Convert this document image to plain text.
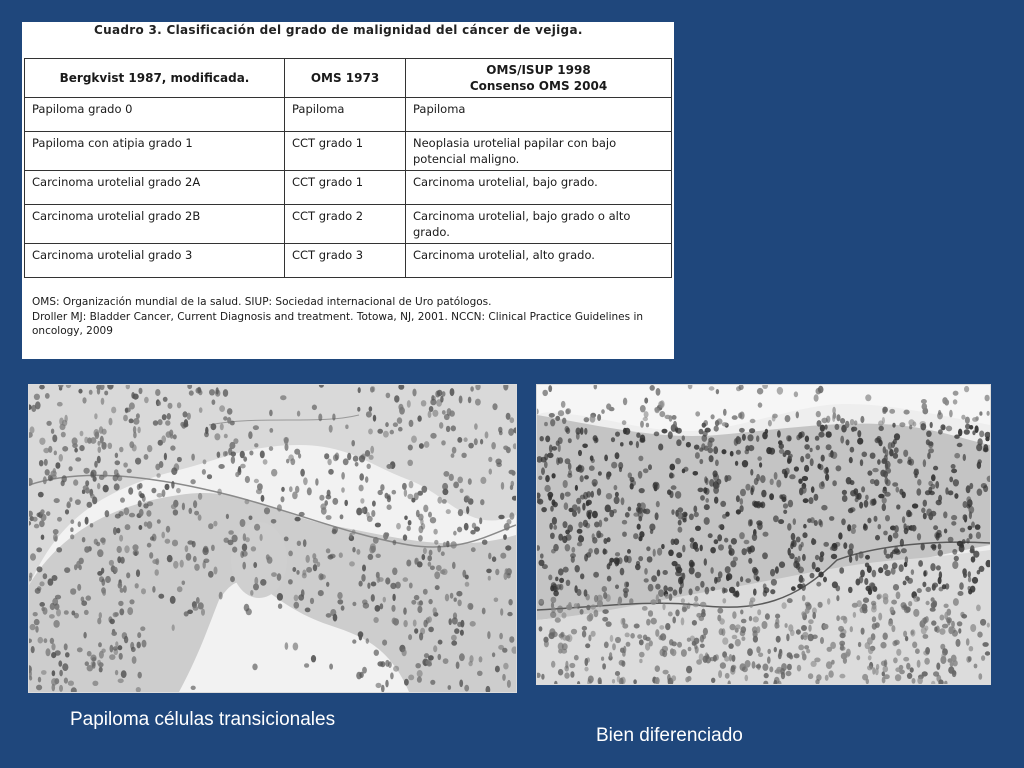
Cuadro 3. Clasificación del grado de malignidad del cáncer de vejiga.
Bergkvist 1987, modificada.	OMS 1973	OMS/ISUP 1998
Consenso OMS 2004

Papiloma grado 0	Papiloma	Papiloma
Papiloma con atipia grado 1	CCT grado 1	Neoplasia urotelial papilar con bajo potencial maligno.
Carcinoma urotelial grado 2A	CCT grado 1	Carcinoma urotelial, bajo grado.
Carcinoma urotelial grado 2B	CCT grado 2	Carcinoma urotelial, bajo grado o alto grado.
Carcinoma urotelial grado 3	CCT grado 3	Carcinoma urotelial, alto grado.
OMS: Organización mundial de la salud. SIUP: Sociedad internacional de Uro patólogos.
Droller MJ: Bladder Cancer, Current Diagnosis and treatment. Totowa, NJ, 2001. NCCN: Clinical Practice Guidelines in oncology, 2009
Papiloma células transicionales
Bien diferenciado
